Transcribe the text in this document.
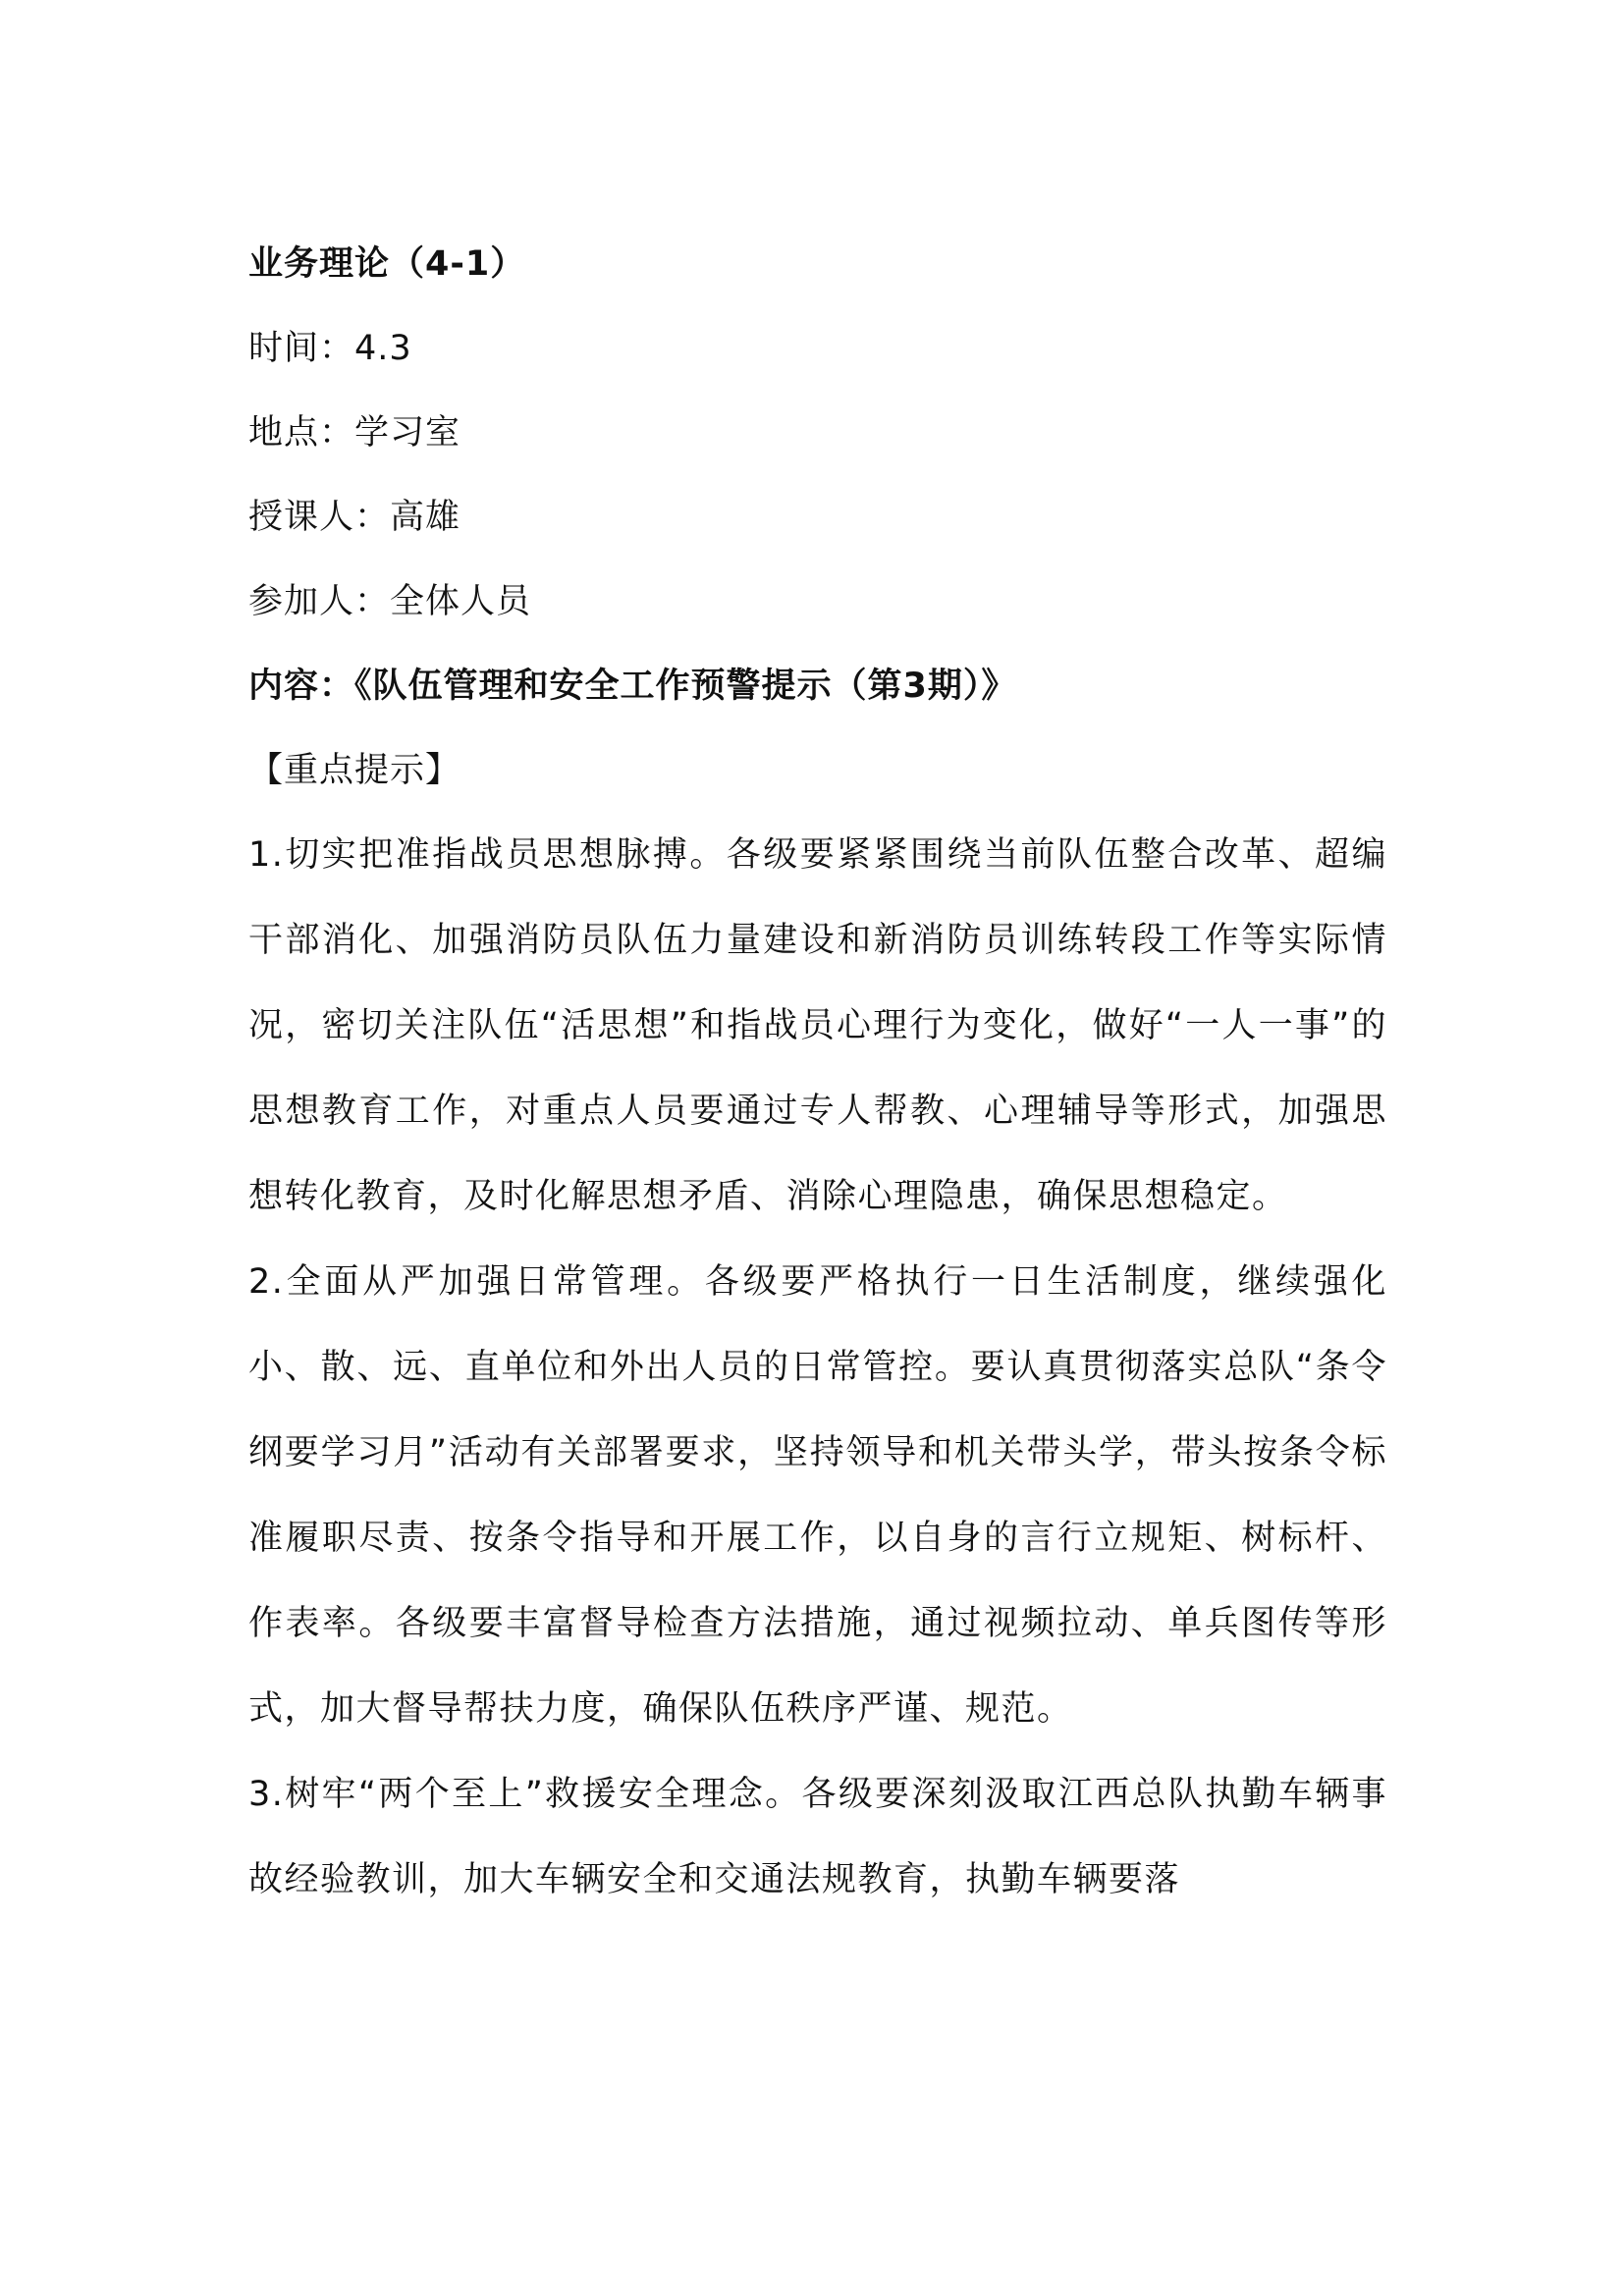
业务理论（4-1）
时间：4.3
地点：学习室
授课人：高雄
参加人：全体人员
内容：《队伍管理和安全工作预警提示（第3期）》
【重点提示】

1.切实把准指战员思想脉搏。各级要紧紧围绕当前队伍整合改革、超编干部消化、加强消防员队伍力量建设和新消防员训练转段工作等实际情况，密切关注队伍“活思想”和指战员心理行为变化，做好“一人一事”的思想教育工作，对重点人员要通过专人帮教、心理辅导等形式，加强思想转化教育，及时化解思想矛盾、消除心理隐患，确保思想稳定。

2.全面从严加强日常管理。各级要严格执行一日生活制度，继续强化小、散、远、直单位和外出人员的日常管控。要认真贯彻落实总队“条令纲要学习月”活动有关部署要求，坚持领导和机关带头学，带头按条令标准履职尽责、按条令指导和开展工作，以自身的言行立规矩、树标杆、作表率。各级要丰富督导检查方法措施，通过视频拉动、单兵图传等形式，加大督导帮扶力度，确保队伍秩序严谨、规范。

3.树牢“两个至上”救援安全理念。各级要深刻汲取江西总队执勤车辆事故经验教训，加大车辆安全和交通法规教育，执勤车辆要落
